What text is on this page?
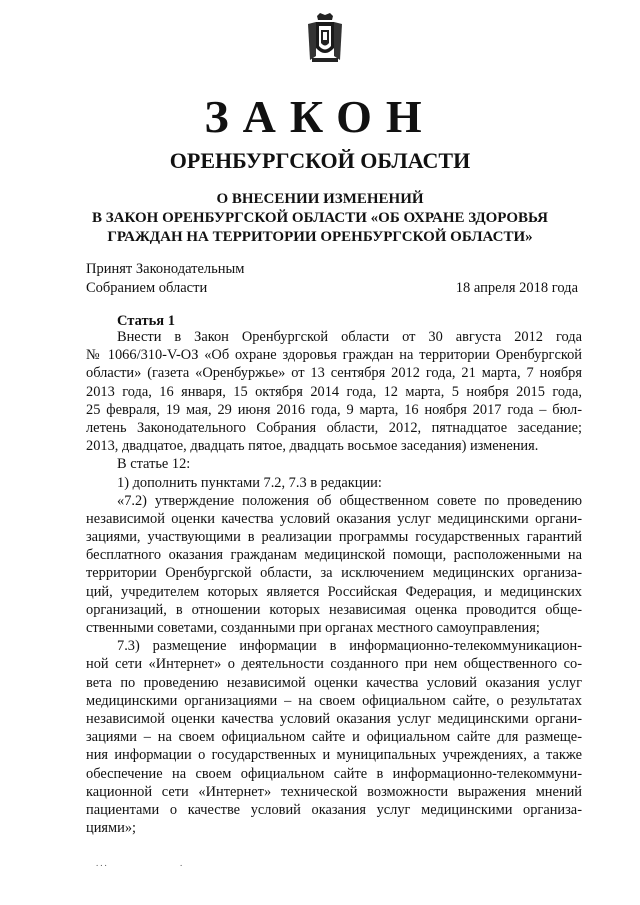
ЗАКОН
ОРЕНБУРГСКОЙ ОБЛАСТИ
О ВНЕСЕНИИ ИЗМЕНЕНИЙ
В ЗАКОН ОРЕНБУРГСКОЙ ОБЛАСТИ «ОБ ОХРАНЕ ЗДОРОВЬЯ
ГРАЖДАН НА ТЕРРИТОРИИ ОРЕНБУРГСКОЙ ОБЛАСТИ»
Принят Законодательным
Собранием области	18 апреля 2018 года
Статья 1
Внести в Закон Оренбургской области от 30 августа 2012 года
№ 1066/310-V-ОЗ «Об охране здоровья граждан на территории Оренбургской
области» (газета «Оренбуржье» от 13 сентября 2012 года, 21 марта, 7 ноября
2013 года, 16 января, 15 октября 2014 года, 12 марта, 5 ноября 2015 года,
25 февраля, 19 мая, 29 июня 2016 года, 9 марта, 16 ноября 2017 года – бюл-
летень Законодательного Собрания области, 2012, пятнадцатое заседание;
2013, двадцатое, двадцать пятое, двадцать восьмое заседания) изменения.
В статье 12:
1) дополнить пунктами 7.2, 7.3 в редакции:
«7.2) утверждение положения об общественном совете по проведению
независимой оценки качества условий оказания услуг медицинскими органи-
зациями, участвующими в реализации программы государственных гарантий
бесплатного оказания гражданам медицинской помощи, расположенными на
территории Оренбургской области, за исключением медицинских организа-
ций, учредителем которых является Российская Федерация, и медицинских
организаций, в отношении которых независимая оценка проводится обще-
ственными советами, созданными при органах местного самоуправления;
7.3) размещение информации в информационно-телекоммуникацион-
ной сети «Интернет» о деятельности созданного при нем общественного со-
вета по проведению независимой оценки качества условий оказания услуг
медицинскими организациями – на своем официальном сайте, о результатах
независимой оценки качества условий оказания услуг медицинскими органи-
зациями – на своем официальном сайте и официальном сайте для размеще-
ния информации о государственных и муниципальных учреждениях, а также
обеспечение на своем официальном сайте в информационно-телекоммуни-
кационной сети «Интернет» технической возможности выражения мнений
пациентами о качестве условий оказания услуг медицинскими организа-
циями»;
...	.
